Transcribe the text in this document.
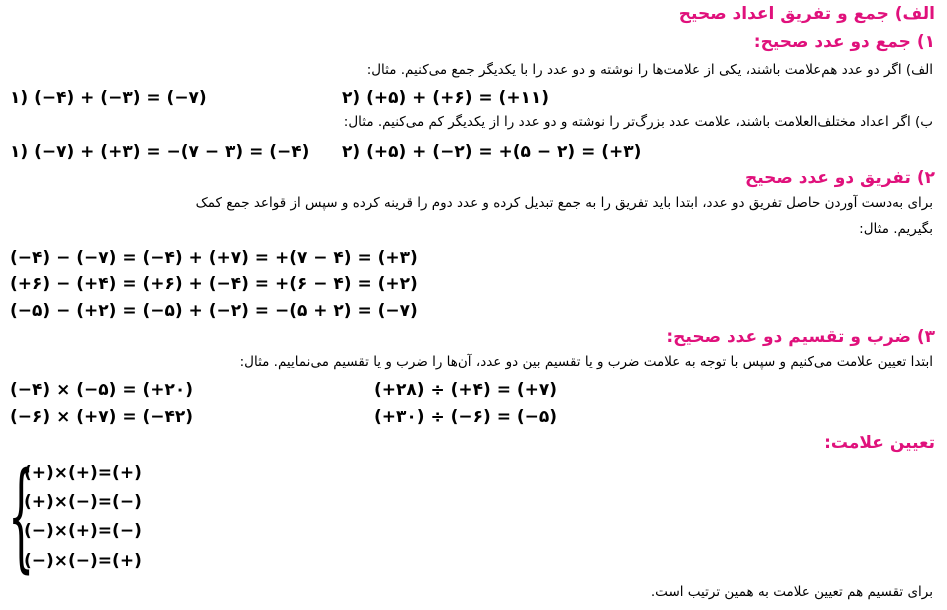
الف) جمع و تفریق اعداد صحیح
۱) جمع دو عدد صحیح:
الف) اگر دو عدد هم‌علامت باشند، یکی از علامت‌ها را نوشته و دو عدد را با یکدیگر جمع می‌کنیم. مثال:
۱) (−۴) + (−۳) = (−۷)	۲) (+۵) + (+۶) = (+۱۱)
ب) اگر اعداد مختلف‌العلامت باشند، علامت عدد بزرگ‌تر را نوشته و دو عدد را از یکدیگر کم می‌کنیم. مثال:
۱) (−۷) + (+۳) = −(۷ − ۳) = (−۴) ۲) (+۵) + (−۲) = +(۵ − ۲) = (+۳)
۲) تفریق دو عدد صحیح
برای به‌دست آوردن حاصل تفریق دو عدد، ابتدا باید تفریق را به جمع تبدیل کرده و عدد دوم را قرینه کرده و سپس از قواعد جمع کمک
بگیریم. مثال:
(−۴) − (−۷) = (−۴) + (+۷) = +(۷ − ۴) = (+۳)
(+۶) − (+۴) = (+۶) + (−۴) = +(۶ − ۴) = (+۲)
(−۵) − (+۲) = (−۵) + (−۲) = −(۵ + ۲) = (−۷)
۳) ضرب و تقسیم دو عدد صحیح:
ابتدا تعیین علامت می‌کنیم و سپس با توجه به علامت ضرب و یا تقسیم بین دو عدد، آن‌ها را ضرب و یا تقسیم می‌نماییم. مثال:
(−۴) × (−۵) = (+۲۰)
(−۶) × (+۷) = (−۴۲)
(+۲۸) ÷ (+۴) = (+۷)
(+۳۰) ÷ (−۶) = (−۵)
تعیین علامت:
{
(+)×(+)=(+)
(+)×(−)=(−)
(−)×(+)=(−)
(−)×(−)=(+)
برای تقسیم هم تعیین علامت به همین ترتیب است.
